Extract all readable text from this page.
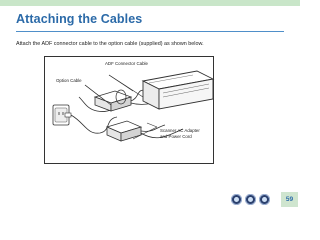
Attaching the Cables
Attach the ADF connector cable to the option cable (supplied) as shown below.
ADF Connector Cable
Option Cable
Scanner AC Adapter
and Power Cord
59
